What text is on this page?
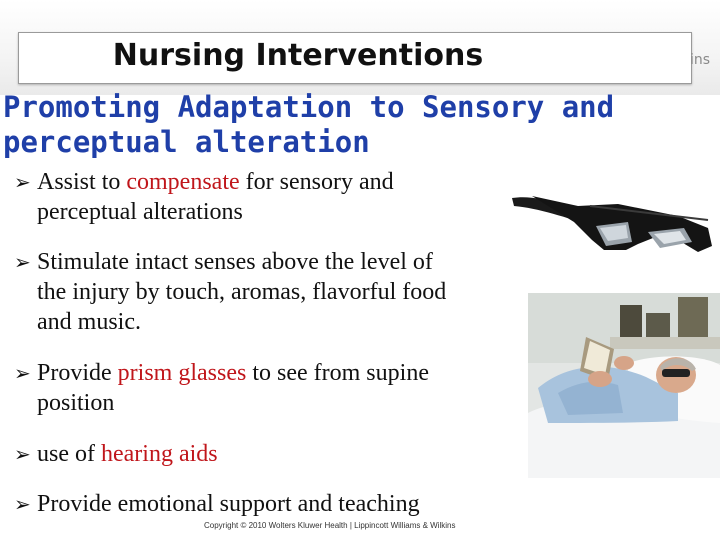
Nursing Interventions	ins
Promoting Adaptation to Sensory and
perceptual alteration
➢ Assist to compensate for sensory and
perceptual alterations
➢ Stimulate intact senses above the level of
the injury by touch, aromas, flavorful food
and music.
➢ Provide prism glasses to see from supine
position
➢ use of hearing aids
➢ Provide emotional support and teaching
Copyright © 2010 Wolters Kluwer Health | Lippincott Williams & Wilkins
